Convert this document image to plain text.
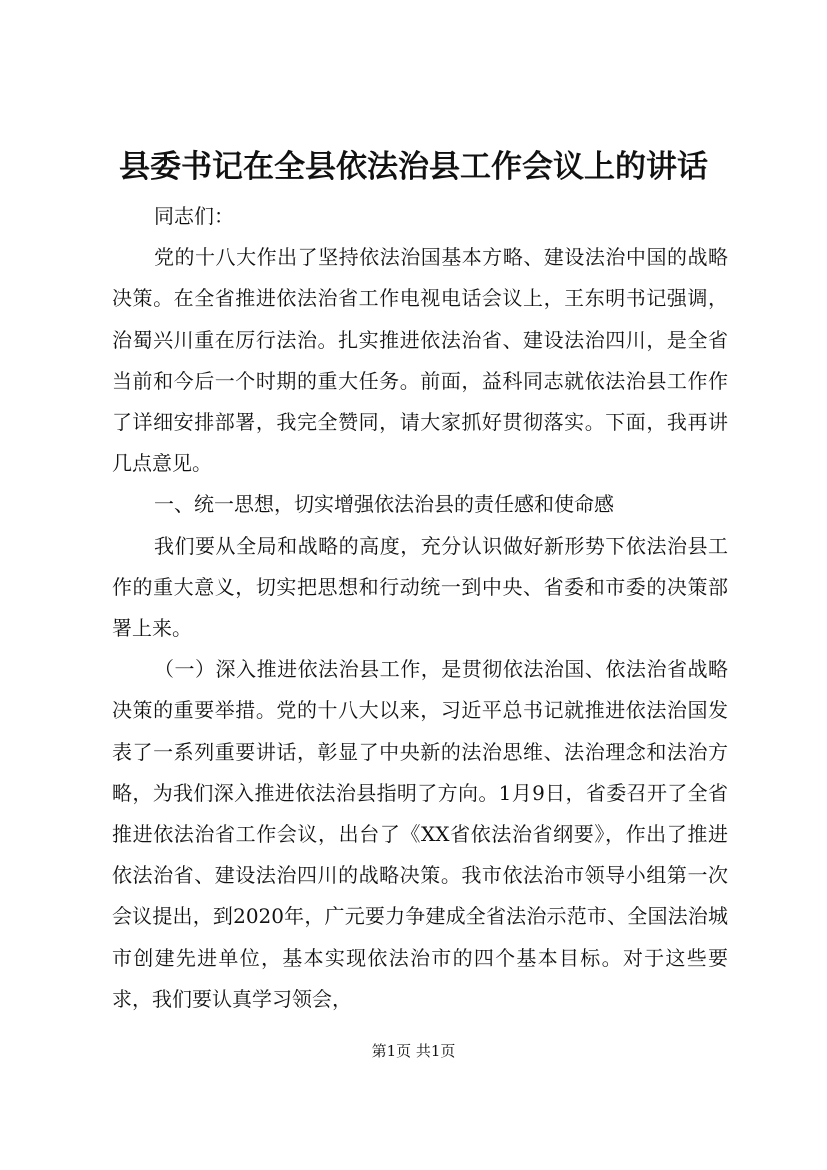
县委书记在全县依法治县工作会议上的讲话

同志们：

党的十八大作出了坚持依法治国基本方略、建设法治中国的战略决策。在全省推进依法治省工作电视电话会议上，王东明书记强调，治蜀兴川重在厉行法治。扎实推进依法治省、建设法治四川，是全省当前和今后一个时期的重大任务。前面，益科同志就依法治县工作作了详细安排部署，我完全赞同，请大家抓好贯彻落实。下面，我再讲几点意见。

一、统一思想，切实增强依法治县的责任感和使命感

我们要从全局和战略的高度，充分认识做好新形势下依法治县工作的重大意义，切实把思想和行动统一到中央、省委和市委的决策部署上来。

（一）深入推进依法治县工作，是贯彻依法治国、依法治省战略决策的重要举措。党的十八大以来，习近平总书记就推进依法治国发表了一系列重要讲话，彰显了中央新的法治思维、法治理念和法治方略，为我们深入推进依法治县指明了方向。1月9日，省委召开了全省推进依法治省工作会议，出台了《XX省依法治省纲要》，作出了推进依法治省、建设法治四川的战略决策。我市依法治市领导小组第一次会议提出，到2020年，广元要力争建成全省法治示范市、全国法治城市创建先进单位，基本实现依法治市的四个基本目标。对于这些要求，我们要认真学习领会，

第1页 共1页
